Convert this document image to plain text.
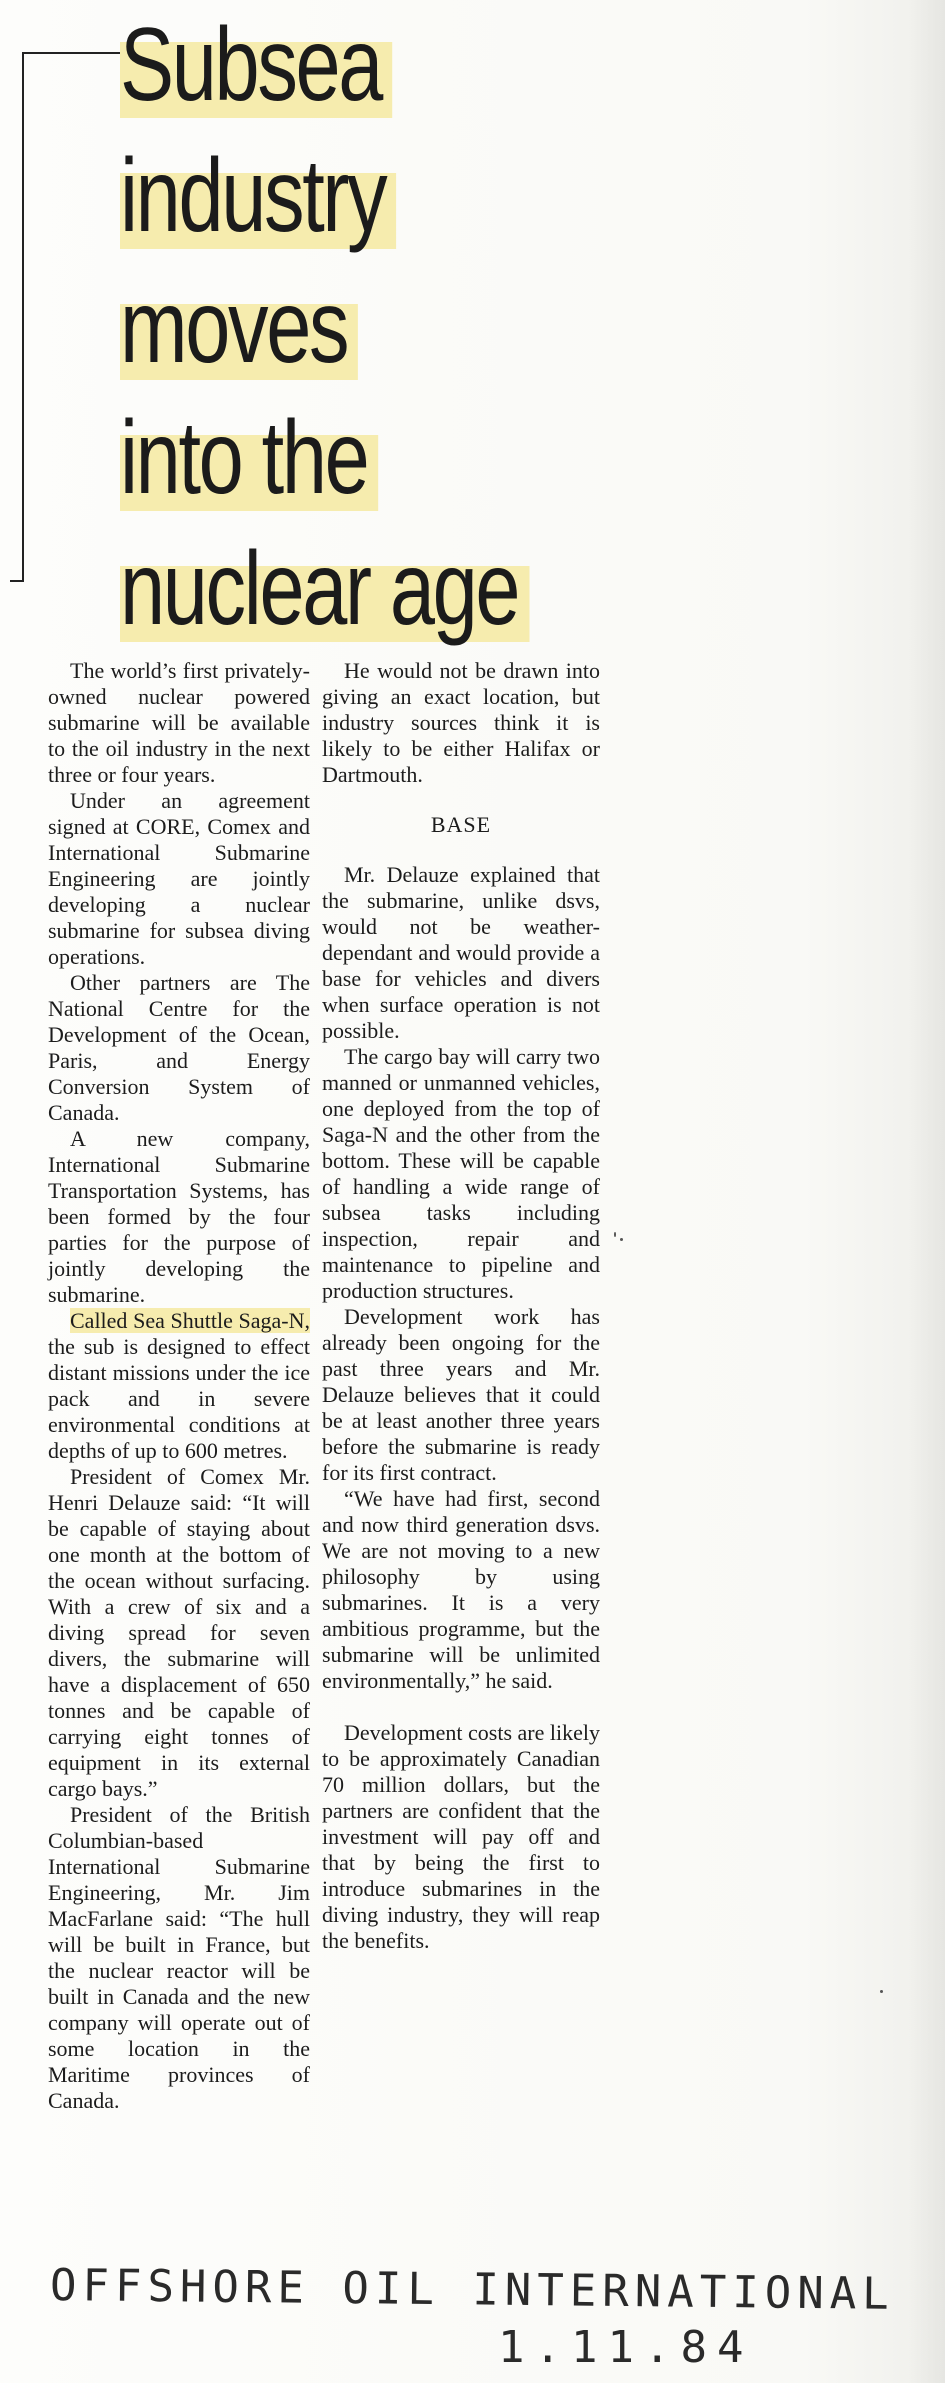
Subsea
industry
moves
into the
nuclear age

The world’s first privately-owned nuclear powered submarine will be available to the oil industry in the next three or four years.

Under an agreement signed at CORE, Comex and International Submarine Engineering are jointly developing a nuclear submarine for subsea diving operations.

Other partners are The National Centre for the Development of the Ocean, Paris, and Energy Conversion System of Canada.

A new company, International Submarine Transportation Systems, has been formed by the four parties for the purpose of jointly developing the submarine.

Called Sea Shuttle Saga-N, the sub is designed to effect distant missions under the ice pack and in severe environmental conditions at depths of up to 600 metres.

President of Comex Mr. Henri Delauze said: “It will be capable of staying about one month at the bottom of the ocean without surfacing. With a crew of six and a diving spread for seven divers, the submarine will have a displacement of 650 tonnes and be capable of carrying eight tonnes of equipment in its external cargo bays.”

President of the British Columbian-based International Submarine Engineering, Mr. Jim MacFarlane said: “The hull will be built in France, but the nuclear reactor will be built in Canada and the new company will operate out of some location in the Maritime provinces of Canada.

He would not be drawn into giving an exact location, but industry sources think it is likely to be either Halifax or Dartmouth.

BASE

Mr. Delauze explained that the submarine, unlike dsvs, would not be weather-dependant and would provide a base for vehicles and divers when surface operation is not possible.

The cargo bay will carry two manned or unmanned vehicles, one deployed from the top of Saga-N and the other from the bottom. These will be capable of handling a wide range of subsea tasks including inspection, repair and maintenance to pipeline and production structures.

Development work has already been ongoing for the past three years and Mr. Delauze believes that it could be at least another three years before the submarine is ready for its first contract.

“We have had first, second and now third generation dsvs. We are not moving to a new philosophy by using submarines. It is a very ambitious programme, but the submarine will be unlimited environmentally,” he said.

Development costs are likely to be approximately Canadian 70 million dollars, but the partners are confident that the investment will pay off and that by being the first to introduce submarines in the diving industry, they will reap the benefits.

OFFSHORE OIL INTERNATIONAL
1.11.84
